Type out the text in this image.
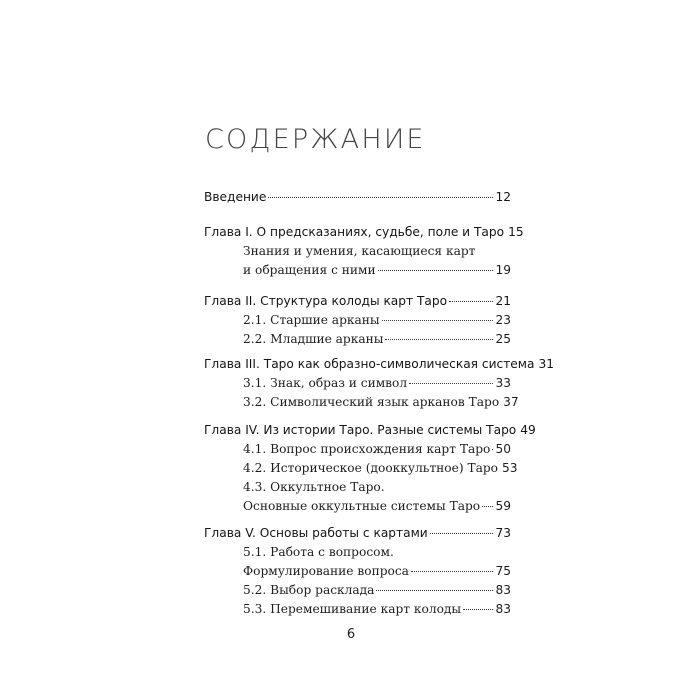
СОДЕРЖАНИЕ
Введение	12
Глава I. О предсказаниях, судьбе, поле и Таро 15
Знания и умения, касающиеся карт
и обращения с ними	19
Глава II. Структура колоды карт Таро	21
2.1. Старшие арканы	23
2.2. Младшие арканы	25
Глава III. Таро как образно-символическая система 31
3.1. Знак, образ и символ	33
3.2. Символический язык арканов Таро 37
Глава IV. Из истории Таро. Разные системы Таро 49
4.1. Вопрос происхождения карт Таро 50
4.2. Историческое (дооккультное) Таро 53
4.3. Оккультное Таро.
Основные оккультные системы Таро 59
Глава V. Основы работы с картами	73
5.1. Работа с вопросом.
Формулирование вопроса	75
5.2. Выбор расклада	83
5.3. Перемешивание карт колоды	83
6
